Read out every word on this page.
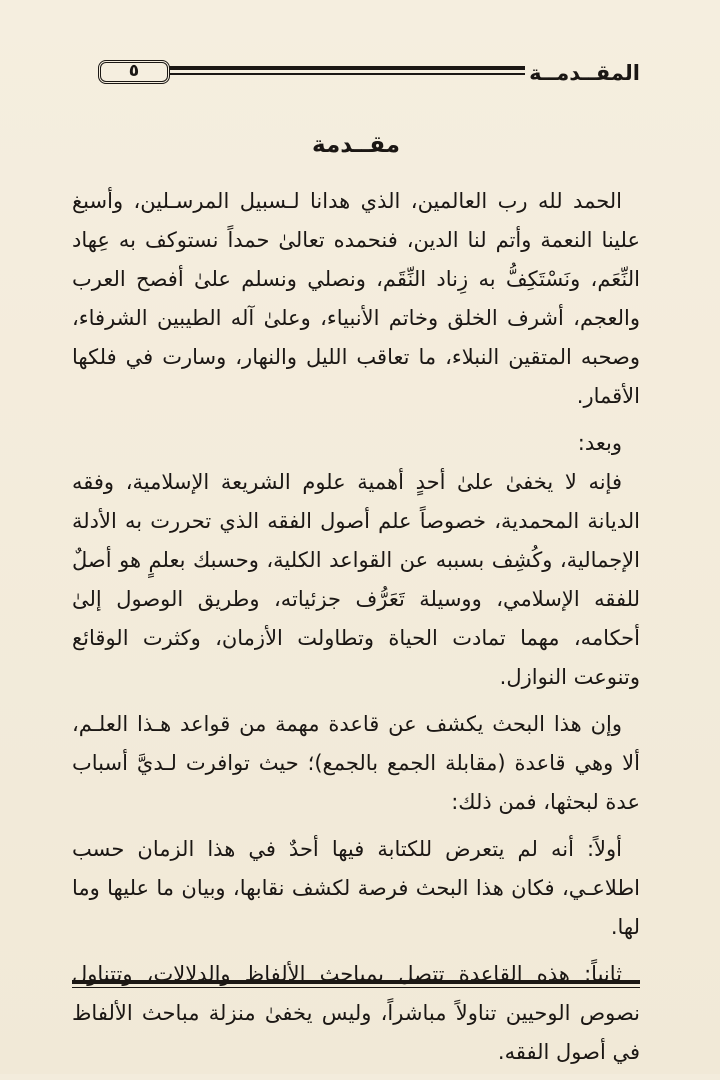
المقــدمــة
٥
مقــدمة

الحمد لله رب العالمين، الذي هدانا لـسبيل المرسـلين، وأسبغ علينا النعمة وأتم لنا الدين، فنحمده تعالىٰ حمداً نستوكف به عِهاد النِّعَم، ونَسْتَكِفُّ به زِناد النِّقَم، ونصلي ونسلم علىٰ أفصح العرب والعجم، أشرف الخلق وخاتم الأنبياء، وعلىٰ آله الطيبين الشرفاء، وصحبه المتقين النبلاء، ما تعاقب الليل والنهار، وسارت في فلكها الأقمار.

وبعد:

فإنه لا يخفىٰ علىٰ أحدٍ أهمية علوم الشريعة الإسلامية، وفقه الديانة المحمدية، خصوصاً علم أصول الفقه الذي تحررت به الأدلة الإجمالية، وكُشِف بسببه عن القواعد الكلية، وحسبك بعلمٍ هو أصلٌ للفقه الإسلامي، ووسيلة تَعَرُّف جزئياته، وطريق الوصول إلىٰ أحكامه، مهما تمادت الحياة وتطاولت الأزمان، وكثرت الوقائع وتنوعت النوازل.

وإن هذا البحث يكشف عن قاعدة مهمة من قواعد هـذا العلـم، ألا وهي قاعدة (مقابلة الجمع بالجمع)؛ حيث توافرت لـديَّ أسباب عدة لبحثها، فمن ذلك:

أولاً: أنه لم يتعرض للكتابة فيها أحدٌ في هذا الزمان حسب اطلاعـي، فكان هذا البحث فرصة لكشف نقابها، وبيان ما عليها وما لها.

ثانياً: هذه القاعدة تتصل بمباحث الألفاظ والدلالات، وتتناول نصوص الوحيين تناولاً مباشراً، وليس يخفىٰ منزلة مباحث الألفاظ في أصول الفقه.
